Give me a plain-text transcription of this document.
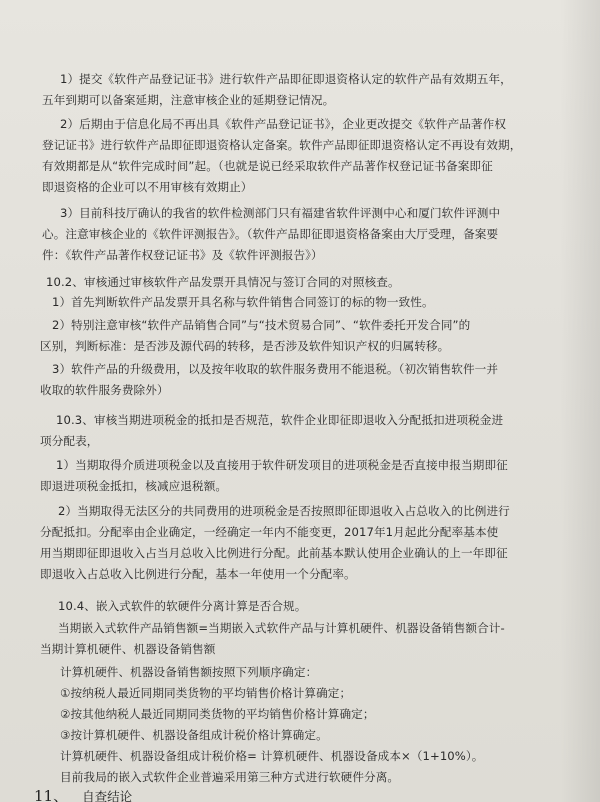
1）提交《软件产品登记证书》进行软件产品即征即退资格认定的软件产品有效期五年，
五年到期可以备案延期，注意审核企业的延期登记情况。
2）后期由于信息化局不再出具《软件产品登记证书》，企业更改提交《软件产品著作权
登记证书》进行软件产品即征即退资格认定备案。软件产品即征即退资格认定不再设有效期，
有效期都是从“软件完成时间”起。（也就是说已经采取软件产品著作权登记证书备案即征
即退资格的企业可以不用审核有效期止）
3）目前科技厅确认的我省的软件检测部门只有福建省软件评测中心和厦门软件评测中
心。注意审核企业的《软件评测报告》。（软件产品即征即退资格备案由大厅受理，备案要
件：《软件产品著作权登记证书》及《软件评测报告》）
10.2、审核通过审核软件产品发票开具情况与签订合同的对照核查。
1）首先判断软件产品发票开具名称与软件销售合同签订的标的物一致性。
2）特别注意审核“软件产品销售合同”与“技术贸易合同”、“软件委托开发合同”的
区别，判断标准：是否涉及源代码的转移，是否涉及软件知识产权的归属转移。
3）软件产品的升级费用，以及按年收取的软件服务费用不能退税。（初次销售软件一并
收取的软件服务费除外）
10.3、审核当期进项税金的抵扣是否规范，软件企业即征即退收入分配抵扣进项税金进
项分配表，
1）当期取得介质进项税金以及直接用于软件研发项目的进项税金是否直接申报当期即征
即退进项税金抵扣，核减应退税额。
2）当期取得无法区分的共同费用的进项税金是否按照即征即退收入占总收入的比例进行
分配抵扣。分配率由企业确定，一经确定一年内不能变更，2017年1月起此分配率基本使
用当期即征即退收入占当月总收入比例进行分配。此前基本默认使用企业确认的上一年即征
即退收入占总收入比例进行分配，基本一年使用一个分配率。
10.4、嵌入式软件的软硬件分离计算是否合规。
当期嵌入式软件产品销售额=当期嵌入式软件产品与计算机硬件、机器设备销售额合计-
当期计算机硬件、机器设备销售额
计算机硬件、机器设备销售额按照下列顺序确定：
①按纳税人最近同期同类货物的平均销售价格计算确定；
②按其他纳税人最近同期同类货物的平均销售价格计算确定；
③按计算机硬件、机器设备组成计税价格计算确定。
计算机硬件、机器设备组成计税价格= 计算机硬件、机器设备成本×（1+10%）。
目前我局的嵌入式软件企业普遍采用第三种方式进行软硬件分离。
11、 自查结论
